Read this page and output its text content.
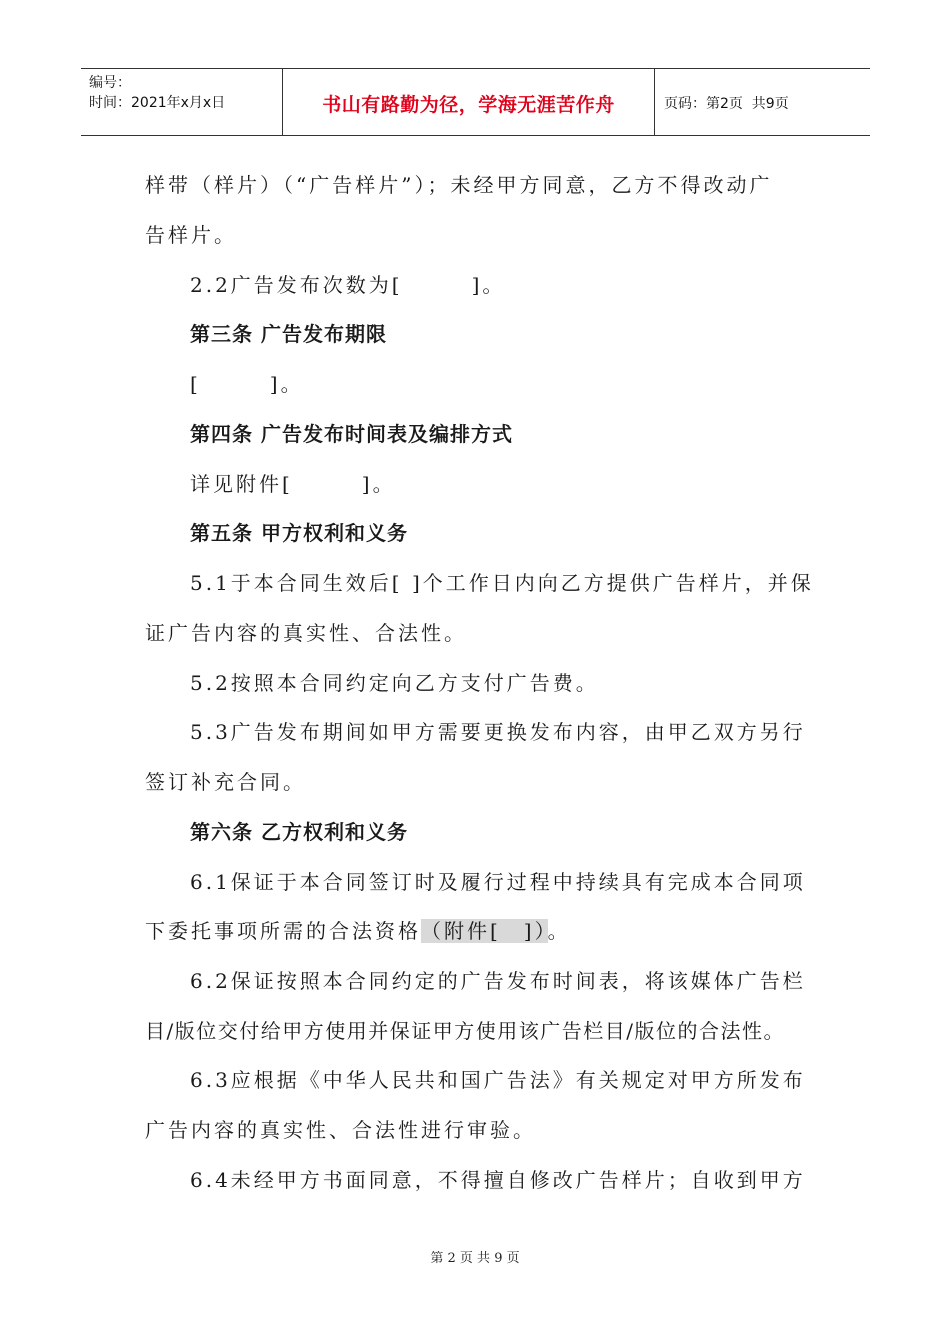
编号：
时间：2021年x月x日	书山有路勤为径，学海无涯苦作舟	页码：第2页  共9页
样带（样片）（“广告样片”）；未经甲方同意，乙方不得改动广
告样片。
2.2广告发布次数为[　　　]。
第三条 广告发布期限
[　　　]。
第四条 广告发布时间表及编排方式
详见附件[　　　]。
第五条 甲方权利和义务
5.1于本合同生效后[ ]个工作日内向乙方提供广告样片，并保
证广告内容的真实性、合法性。
5.2按照本合同约定向乙方支付广告费。
5.3广告发布期间如甲方需要更换发布内容，由甲乙双方另行
签订补充合同。
第六条 乙方权利和义务
6.1保证于本合同签订时及履行过程中持续具有完成本合同项
下委托事项所需的合法资格（附件[　]）。
6.2保证按照本合同约定的广告发布时间表，将该媒体广告栏
目/版位交付给甲方使用并保证甲方使用该广告栏目/版位的合法性。
6.3应根据《中华人民共和国广告法》有关规定对甲方所发布
广告内容的真实性、合法性进行审验。
6.4未经甲方书面同意，不得擅自修改广告样片；自收到甲方
第 2 页 共 9 页
